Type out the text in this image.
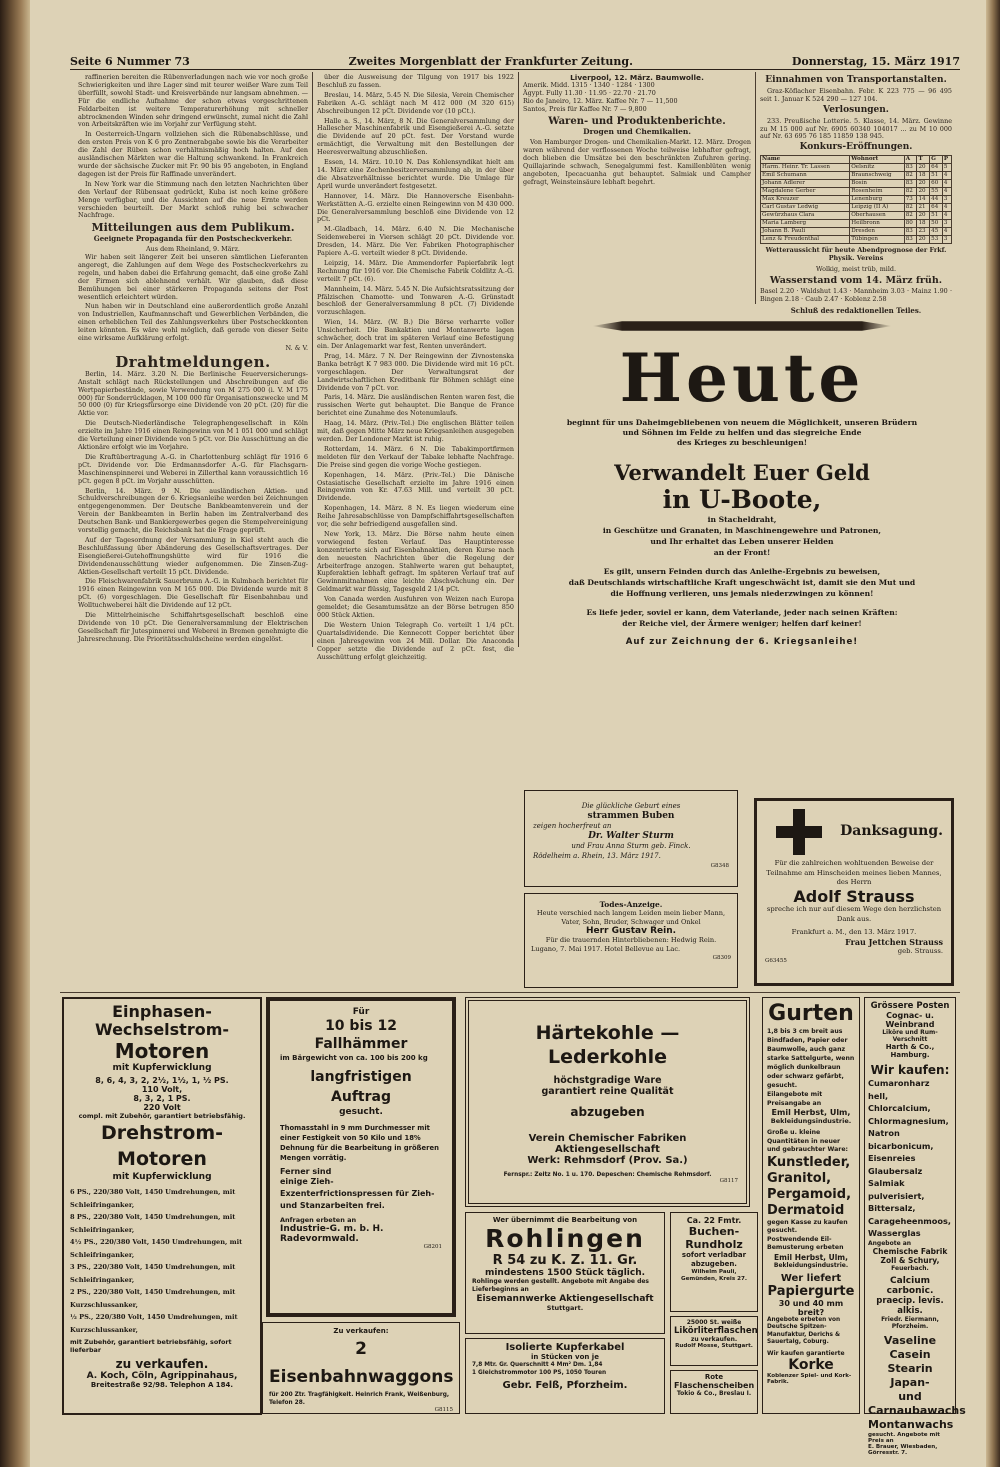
Seite 6 Nummer 73	Zweites Morgenblatt der Frankfurter Zeitung.	Donnerstag, 15. März 1917

raffinerien bereiten die Rübenverladungen nach wie vor noch große Schwierigkeiten und ihre Lager sind mit teurer weißer Ware zum Teil überfüllt, sowohl Stadt- und Kreisverbände nur langsam abnehmen. — Für die endliche Aufnahme der schon etwas vorgeschrittenen Feldarbeiten ist weitere Temperaturerhöhung mit schneller abtrocknenden Winden sehr dringend erwünscht, zumal nicht die Zahl von Arbeitskräften wie im Vorjahr zur Verfügung steht.

In Oesterreich-Ungarn vollziehen sich die Rübenabschlüsse, und den ersten Preis von K 6 pro Zentnerabgabe sowie bis die Verarbeiter die Zahl der Rüben schon verhältnismäßig hoch halten. Auf den ausländischen Märkten war die Haltung schwankend. In Frankreich wurde der sächsische Zucker mit Fr. 90 bis 95 angeboten, in England dagegen ist der Preis für Raffinade unverändert.

In New York war die Stimmung nach den letzten Nachrichten über den Verlauf der Rübensaat gedrückt, Kuba ist noch keine größere Menge verfügbar, und die Aussichten auf die neue Ernte werden verschieden beurteilt. Der Markt schloß ruhig bei schwacher Nachfrage.

Mitteilungen aus dem Publikum.
Geeignete Propaganda für den Postscheckverkehr.
Aus dem Rheinland, 9. März.

Wir haben seit längerer Zeit bei unseren sämtlichen Lieferanten angeregt, die Zahlungen auf dem Wege des Postscheckverkehrs zu regeln, und haben dabei die Erfahrung gemacht, daß eine große Zahl der Firmen sich ablehnend verhält. Wir glauben, daß diese Bemühungen bei einer stärkeren Propaganda seitens der Post wesentlich erleichtert würden.

Nun haben wir in Deutschland eine außerordentlich große Anzahl von Industriellen, Kaufmannschaft und Gewerblichen Verbänden, die einen erheblichen Teil des Zahlungsverkehrs über Postscheckkonten leiten könnten. Es wäre wohl möglich, daß gerade von dieser Seite eine wirksame Aufklärung erfolgt.

N. & V.
Drahtmeldungen.

Berlin, 14. März. 3.20 N. Die Berlinische Feuerversicherungs-Anstalt schlägt nach Rückstellungen und Abschreibungen auf die Wertpapierbestände, sowie Verwendung von M 275 000 (i. V. M 175 000) für Sonderrücklagen, M 100 000 für Organisationszwecke und M 50 000 (0) für Kriegsfürsorge eine Dividende von 20 pCt. (20) für die Aktie vor.

Die Deutsch-Niederländische Telegraphengesellschaft in Köln erzielte im Jahre 1916 einen Reingewinn von M 1 051 000 und schlägt die Verteilung einer Dividende von 5 pCt. vor. Die Ausschüttung an die Aktionäre erfolgt wie im Vorjahre.

Die Kraftübertragung A.-G. in Charlottenburg schlägt für 1916 6 pCt. Dividende vor. Die Erdmannsdorfer A.-G. für Flachsgarn-Maschinenspinnerei und Weberei in Zillerthal kann voraussichtlich 16 pCt. gegen 8 pCt. im Vorjahr ausschütten.

Berlin, 14. März. 9 N. Die ausländischen Aktien- und Schuldverschreibungen der 6. Kriegsanleihe werden bei Zeichnungen entgegengenommen. Der Deutsche Bankbeamtenverein und der Verein der Bankbeamten in Berlin haben im Zentralverband des Deutschen Bank- und Bankiergewerbes gegen die Stempelvereinigung vorstellig gemacht, die Reichsbank hat die Frage geprüft.

Auf der Tagesordnung der Versammlung in Kiel steht auch die Beschlußfassung über Abänderung des Gesellschaftsvertrages. Der Eisengießerei-Gutehoffnungshütte wird für 1916 die Dividendenausschüttung wieder aufgenommen. Die Zinsen-Zug-Aktien-Gesellschaft verteilt 15 pCt. Dividende.

Die Fleischwarenfabrik Sauerbrunn A.-G. in Kulmbach berichtet für 1916 einen Reingewinn von M 165 000. Die Dividende wurde mit 8 pCt. (6) vorgeschlagen. Die Gesellschaft für Eisenbahnbau und Wolltuchweberei hält die Dividende auf 12 pCt.

Die Mittelrheinische Schiffahrtsgesellschaft beschloß eine Dividende von 10 pCt. Die Generalversammlung der Elektrischen Gesellschaft für Jutespinnerei und Weberei in Bremen genehmigte die Jahresrechnung. Die Prioritätsschuldscheine werden eingelöst.

über die Ausweisung der Tilgung von 1917 bis 1922 Beschluß zu fassen.

Breslau, 14. März, 5.45 N. Die Silesia, Verein Chemischer Fabriken A.-G. schlägt nach M 412 000 (M 320 615) Abschreibungen 12 pCt. Dividende vor (10 pCt.).

Halle a. S., 14. März, 8 N. Die Generalversammlung der Hallescher Maschinenfabrik und Eisengießerei A.-G. setzte die Dividende auf 20 pCt. fest. Der Vorstand wurde ermächtigt, die Verwaltung mit den Bestellungen der Heeresverwaltung abzuschließen.

Essen, 14. März. 10.10 N. Das Kohlensyndikat hielt am 14. März eine Zechenbesitzerversammlung ab, in der über die Absatzverhältnisse berichtet wurde. Die Umlage für April wurde unverändert festgesetzt.

Hannover, 14. März. Die Hannoversche Eisenbahn-Werkstätten A.-G. erzielte einen Reingewinn von M 430 000. Die Generalversammlung beschloß eine Dividende von 12 pCt.

M.-Gladbach, 14. März. 6.40 N. Die Mechanische Seidenweberei in Viersen schlägt 20 pCt. Dividende vor. Dresden, 14. März. Die Ver. Fabriken Photographischer Papiere A.-G. verteilt wieder 8 pCt. Dividende.

Leipzig, 14. März. Die Ammendorfer Papierfabrik legt Rechnung für 1916 vor. Die Chemische Fabrik Coldlitz A.-G. verteilt 7 pCt. (6).

Mannheim, 14. März. 5.45 N. Die Aufsichtsratssitzung der Pfälzischen Chamotte- und Tonwaren A.-G. Grünstadt beschloß der Generalversammlung 8 pCt. (7) Dividende vorzuschlagen.

Wien, 14. März. (W. B.) Die Börse verharrte voller Unsicherheit. Die Bankaktien und Montanwerte lagen schwächer, doch trat im späteren Verlauf eine Befestigung ein. Der Anlagemarkt war fest, Renten unverändert.

Prag, 14. März. 7 N. Der Reingewinn der Zivnostenska Banka beträgt K 7 983 000. Die Dividende wird mit 16 pCt. vorgeschlagen. Der Verwaltungsrat der Landwirtschaftlichen Kreditbank für Böhmen schlägt eine Dividende von 7 pCt. vor.

Paris, 14. März. Die ausländischen Renten waren fest, die russischen Werte gut behauptet. Die Banque de France berichtet eine Zunahme des Notenumlaufs.

Haag, 14. März. (Priv.-Tel.) Die englischen Blätter teilen mit, daß gegen Mitte März neue Kriegsanleihen ausgegeben werden. Der Londoner Markt ist ruhig.

Rotterdam, 14. März. 6 N. Die Tabakimportfirmen meldeten für den Verkauf der Tabake lebhafte Nachfrage. Die Preise sind gegen die vorige Woche gestiegen.

Kopenhagen, 14. März. (Priv.-Tel.) Die Dänische Ostasiatische Gesellschaft erzielte im Jahre 1916 einen Reingewinn von Kr. 47.63 Mill. und verteilt 30 pCt. Dividende.

Kopenhagen, 14. März. 8 N. Es liegen wiederum eine Reihe Jahresabschlüsse von Dampfschiffahrtsgesellschaften vor, die sehr befriedigend ausgefallen sind.

New York, 13. März. Die Börse nahm heute einen vorwiegend festen Verlauf. Das Hauptinteresse konzentrierte sich auf Eisenbahnaktien, deren Kurse nach den neuesten Nachrichten über die Regelung der Arbeiterfrage anzogen. Stahlwerte waren gut behauptet, Kupferaktien lebhaft gefragt. Im späteren Verlauf trat auf Gewinnmitnahmen eine leichte Abschwächung ein. Der Geldmarkt war flüssig, Tagesgeld 2 1/4 pCt.

Von Canada werden Ausfuhren von Weizen nach Europa gemeldet; die Gesamtumsätze an der Börse betrugen 850 000 Stück Aktien.

Die Western Union Telegraph Co. verteilt 1 1/4 pCt. Quartalsdividende. Die Kennecott Copper berichtet über einen Jahresgewinn von 24 Mill. Dollar. Die Anaconda Copper setzte die Dividende auf 2 pCt. fest, die Ausschüttung erfolgt gleichzeitig.

Liverpool, 12. März. Baumwolle.
Amerik. Midd. 1315 · 1340 · 1284 · 1300
Ägypt. Fully 11.30 · 11.95 · 22.70 · 21.70
Rio de Janeiro, 12. März. Kaffee Nr. 7 — 11,500
Santos, Preis für Kaffee Nr. 7 — 9,800
Waren- und Produktenberichte.
Drogen und Chemikalien.

Von Hamburger Drogen- und Chemikalien-Markt. 12. März. Drogen waren während der verflossenen Woche teilweise lebhafter gefragt, doch blieben die Umsätze bei den beschränkten Zufuhren gering. Quillajarinde schwach, Senegalgummi fest. Kamillenblüten wenig angeboten, Ipecacuanha gut behauptet. Salmiak und Campher gefragt, Weinsteinsäure lebhaft begehrt.

Einnahmen von Transportanstalten.

Graz-Köflacher Eisenbahn. Febr. K 223 775 — 96 495 seit 1. Januar K 524 290 — 127 104.

Verlosungen.

233. Preußische Lotterie. 5. Klasse, 14. März. Gewinne zu M 15 000 auf Nr. 6905 60340 104017 ... zu M 10 000 auf Nr. 63 695 76 185 11859 138 945.

Konkurs-Eröffnungen.
Name	Wohnort	A	T	G	P
Harm. Heinr. Tr. Lassen	Oelsnitz	83	20	64	5
Emil Schumann	Braunschweig	82	18	51	4
Johann Adlerer	Bosin	83	20	60	4
Magdalene Gerber	Rosenheim	82	20	55	4
Max Kreuzer	Lenenburg	73	14	44	3
Carl Gustav Ledwig	Leipzig (II A)	82	21	64	4
Gewürzhaus Clara	Oberhausen	82	20	51	4
Maria Lamberg	Heilbronn	80	18	50	3
Johann B. Pauli	Dresden	83	23	45	4
Lenz & Freudenthal	Tübingen	83	20	53	3
Wetteraussicht für heute Abendprognose der Frkf. Physik. Vereins
Wolkig, meist trüb, mild.
Wasserstand vom 14. März früh.
Basel 2.20 · Waldshut 1.43 · Mannheim 3.03 · Mainz 1.90 · Bingen 2.18 · Caub 2.47 · Koblenz 2.58
Schluß des redaktionellen Teiles.
Heute
beginnt für uns Daheimgebliebenen von neuem die Möglichkeit, unseren Brüdern
und Söhnen im Felde zu helfen und das siegreiche Ende
des Krieges zu beschleunigen!
Verwandelt Euer Geld
in U-Boote,
in Stacheldraht,
in Geschütze und Granaten, in Maschinengewehre und Patronen,
und Ihr erhaltet das Leben unserer Helden
an der Front!
Es gilt, unsern Feinden durch das Anleihe-Ergebnis zu beweisen,
daß Deutschlands wirtschaftliche Kraft ungeschwächt ist, damit sie den Mut und
die Hoffnung verlieren, uns jemals niederzwingen zu können!
Es liefe jeder, soviel er kann, dem Vaterlande, jeder nach seinen Kräften:
der Reiche viel, der Ärmere weniger; helfen darf keiner!
Auf zur Zeichnung der 6. Kriegsanleihe!
Die glückliche Geburt eines
strammen Buben
zeigen hocherfreut an
Dr. Walter Sturm
und Frau Anna Sturm geb. Finck.
Rödelheim a. Rhein, 13. März 1917.
G8348
Todes-Anzeige.
Heute verschied nach langem Leiden mein lieber Mann, Vater, Sohn, Bruder, Schwager und Onkel
Herr Gustav Rein.
Für die trauernden Hinterbliebenen: Hedwig Rein.
Lugano, 7. Mai 1917. Hotel Bellevue au Lac.
G8309
Danksagung.
Für die zahlreichen wohltuenden Beweise der Teilnahme am Hinscheiden meines lieben Mannes, des Herrn
Adolf Strauss
spreche ich nur auf diesem Wege den herzlichsten Dank aus.
Frankfurt a. M., den 13. März 1917.
Frau Jettchen Strauss
geb. Strauss.
G63455
Einphasen-Wechselstrom-
Motoren
mit Kupferwicklung
8, 6, 4, 3, 2, 2½, 1½, 1, ½ PS.
110 Volt,
8, 3, 2, 1 PS.
220 Volt
compl. mit Zubehör, garantiert betriebsfähig.
Drehstrom-Motoren
mit Kupferwicklung
6 PS., 220/380 Volt, 1450 Umdrehungen, mit Schleifringanker,
8 PS., 220/380 Volt, 1450 Umdrehungen, mit Schleifringanker,
4½ PS., 220/380 Volt, 1450 Umdrehungen, mit Schleifringanker,
3 PS., 220/380 Volt, 1450 Umdrehungen, mit Schleifringanker,
2 PS., 220/380 Volt, 1450 Umdrehungen, mit Kurzschlussanker,
½ PS., 220/380 Volt, 1450 Umdrehungen, mit Kurzschlussanker,
mit Zubehör, garantiert betriebsfähig, sofort lieferbar
zu verkaufen.
A. Koch, Cöln, Agrippinahaus,
Breitestraße 92/98. Telephon A 184.
Für
10 bis 12 Fallhämmer
im Bärgewicht von ca. 100 bis 200 kg
langfristigen Auftrag
gesucht.
Thomasstahl in 9 mm Durchmesser mit einer Festigkeit von 50 Kilo und 18% Dehnung für die Bearbeitung in größeren Mengen vorrätig.
Ferner sind
einige Zieh-Exzenterfrictionspressen für Zieh- und Stanzarbeiten frei.
Anfragen erbeten an
Industrie-G. m. b. H.
Radevormwald.
G8201
Zu verkaufen:
2 Eisenbahnwaggons
für 200 Ztr. Tragfähigkeit. Heinrich Frank, Weißenburg, Telefon 28.
G8115
Härtekohle — Lederkohle
höchstgradige Ware
garantiert reine Qualität
abzugeben
Verein Chemischer Fabriken Aktiengesellschaft
Werk: Rehmsdorf (Prov. Sa.)
Fernspr.: Zeitz No. 1 u. 170. Depeschen: Chemische Rehmsdorf.
G8117
Wer übernimmt die Bearbeitung von
Rohlingen
R 54 zu K. Z. 11. Gr.
mindestens 1500 Stück täglich.
Rohlinge werden gestellt. Angebote mit Angabe des Lieferbeginns an
Eisemannwerke Aktiengesellschaft
Stuttgart.
Isolierte Kupferkabel
in Stücken von je
7,8 Mtr. Gr. Querschnitt 4 Mm² Dm. 1,84
1 Gleichstrommotor 100 PS, 1050 Touren
Gebr. Felß, Pforzheim.
Ca. 22 Fmtr.
Buchen-Rundholz
sofort verladbar abzugeben.
Wilhelm Pauli, Gemünden, Kreis 27.
25000 St. weiße
Likörliterflaschen
zu verkaufen.
Rudolf Mosse, Stuttgart.
Rote
Flaschenscheiben
Tokio & Co., Breslau I.
Gurten
1,8 bis 3 cm breit aus Bindfaden, Papier oder Baumwolle, auch ganz starke Sattelgurte, wenn möglich dunkelbraun oder schwarz gefärbt, gesucht.
Eilangebote mit Preisangabe an
Emil Herbst, Ulm,
Bekleidungsindustrie.
Große u. kleine Quantitäten in neuer und gebrauchter Ware:
Kunstleder,
Granitol,
Pergamoid,
Dermatoid
gegen Kasse zu kaufen gesucht.
Postwendende Eil-Bemusterung erbeten
Emil Herbst, Ulm,
Bekleidungsindustrie.
Wer liefert
Papiergurte
30 und 40 mm breit?
Angebote erbeten von
Deutsche Spitzen-Manufaktur, Derichs & Sauertalg, Coburg.
Wir kaufen garantierte
Korke
Koblenzer Spiel- und Kork-Fabrik.
Grössere Posten
Cognac- u. Weinbrand
Liköre und Rum-Verschnitt
Harth & Co., Hamburg.
Wir kaufen:
Cumaronharz hell,
Chlorcalcium,
Chlormagnesium,
Natron bicarbonicum,
Eisenreies Glaubersalz
Salmiak pulverisiert,
Bittersalz,
Carageheenmoos,
Wasserglas
Angebote an
Chemische Fabrik Zoll & Schury,
Feuerbach.
Calcium carbonic.
praecip. levis. alkis.
Friedr. Eiermann, Pforzheim.
Vaseline
Casein
Stearin
Japan-
und Carnaubawachs
Montanwachs
gesucht. Angebote mit Preis an
E. Brauer, Wiesbaden, Görresstr. 7.
